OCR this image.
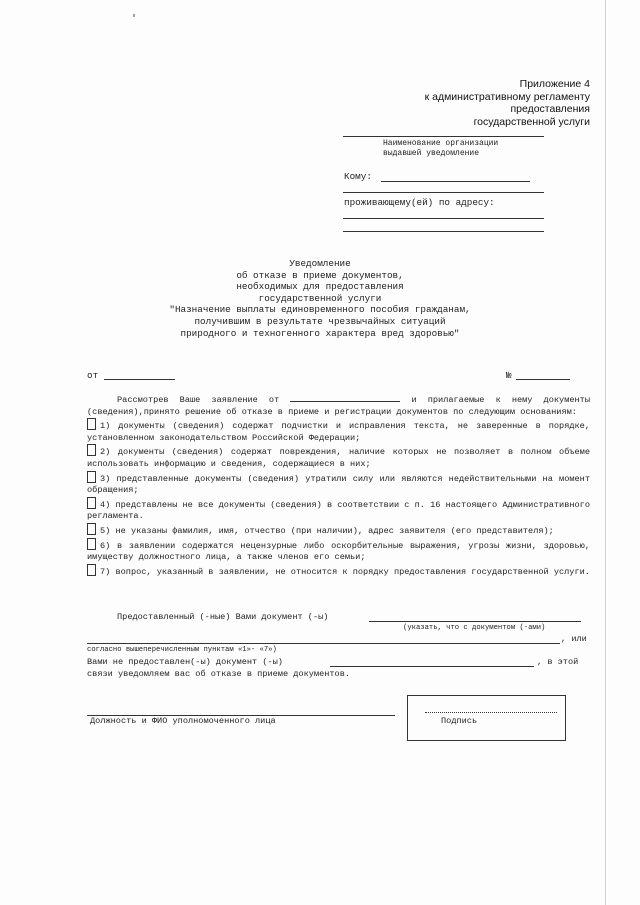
Приложение 4
к административному регламенту
предоставления
государственной услуги
Наименование организации
выдавшей уведомление
Кому:
проживающему(ей) по адресу:
Уведомление
об отказе в приеме документов,
необходимых для предоставления
государственной услуги
"Назначение выплаты единовременного пособия гражданам,
получившим в результате чрезвычайных ситуаций
природного и техногенного характера вред здоровью"
от	№

Рассмотрев Ваше заявление от	и прилагаемые к нему документы (сведения),принято решение об отказе в приеме и регистрации документов по следующим основаниям:

1) документы (сведения) содержат подчистки и исправления текста, не заверенные в порядке, установленном законодательством Российской Федерации;

2) документы (сведения) содержат повреждения, наличие которых не позволяет в полном объеме использовать информацию и сведения, содержащиеся в них;

3) представленные документы (сведения) утратили силу или являются недействительными на момент обращения;

4) представлены не все документы (сведения) в соответствии с п. 16 настоящего Административного регламента.

5) не указаны фамилия, имя, отчество (при наличии), адрес заявителя (его представителя);

6) в заявлении содержатся нецензурные либо оскорбительные выражения, угрозы жизни, здоровью, имуществу должностного лица, а также членов его семьи;

7) вопрос, указанный в заявлении, не относится к порядку предоставления государственной услуги.

Предоставленный (-ные) Вами документ (-ы)
(указать, что с документом (-ами)
, или
согласно вышеперечисленным пунктам «1»- «7»)
Вами не предоставлен(-ы) документ (-ы)	, в этой
связи уведомляем вас об отказе в приеме документов.
Должность и ФИО уполномоченного лица	Подпись
